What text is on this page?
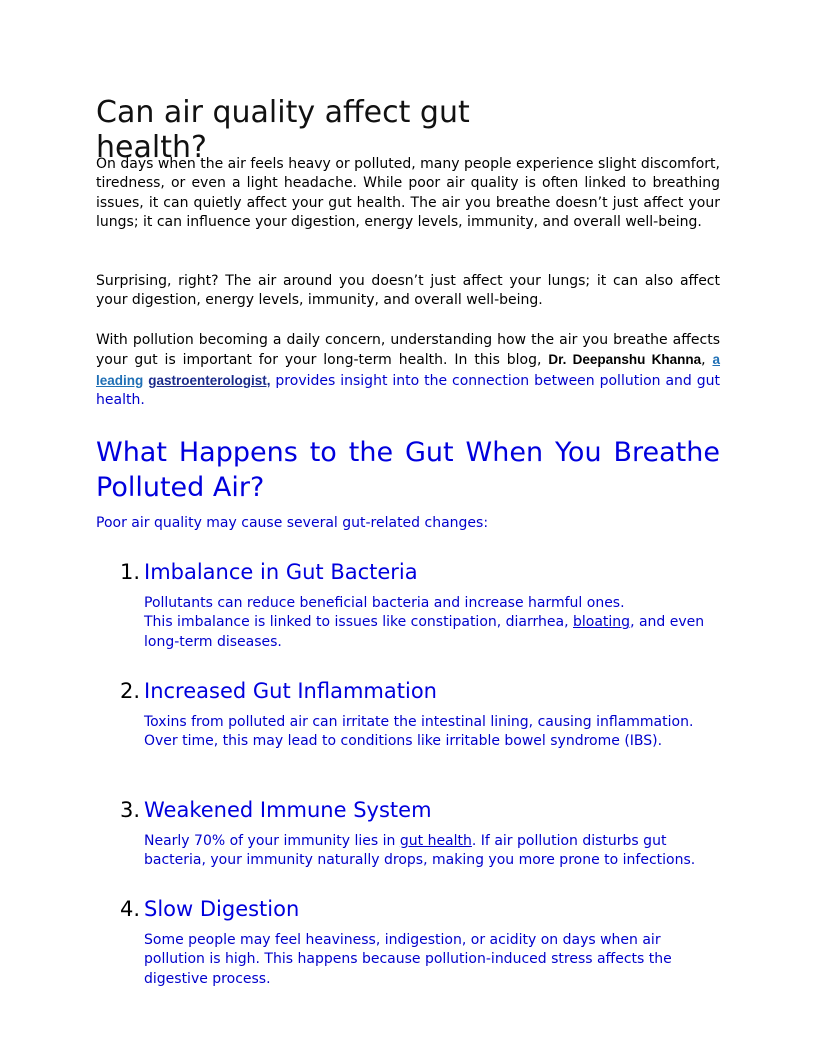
Can air quality affect gut health?

On days when the air feels heavy or polluted, many people experience slight discomfort, tiredness, or even a light headache. While poor air quality is often linked to breathing issues, it can quietly affect your gut health. The air you breathe doesn’t just affect your lungs; it can influence your digestion, energy levels, immunity, and overall well-being.

Surprising, right? The air around you doesn’t just affect your lungs; it can also affect your digestion, energy levels, immunity, and overall well-being.

With pollution becoming a daily concern, understanding how the air you breathe affects your gut is important for your long-term health. In this blog, Dr. Deepanshu Khanna, a leading gastroenterologist, provides insight into the connection between pollution and gut health.

What Happens to the Gut When You Breathe Polluted Air?

Poor air quality may cause several gut-related changes:

1. Imbalance in Gut Bacteria

Pollutants can reduce beneficial bacteria and increase harmful ones.
This imbalance is linked to issues like constipation, diarrhea, bloating, and even long-term diseases.

2. Increased Gut Inflammation

Toxins from polluted air can irritate the intestinal lining, causing inflammation. Over time, this may lead to conditions like irritable bowel syndrome (IBS).

3. Weakened Immune System

Nearly 70% of your immunity lies in gut health. If air pollution disturbs gut bacteria, your immunity naturally drops, making you more prone to infections.

4. Slow Digestion

Some people may feel heaviness, indigestion, or acidity on days when air pollution is high. This happens because pollution-induced stress affects the digestive process.
